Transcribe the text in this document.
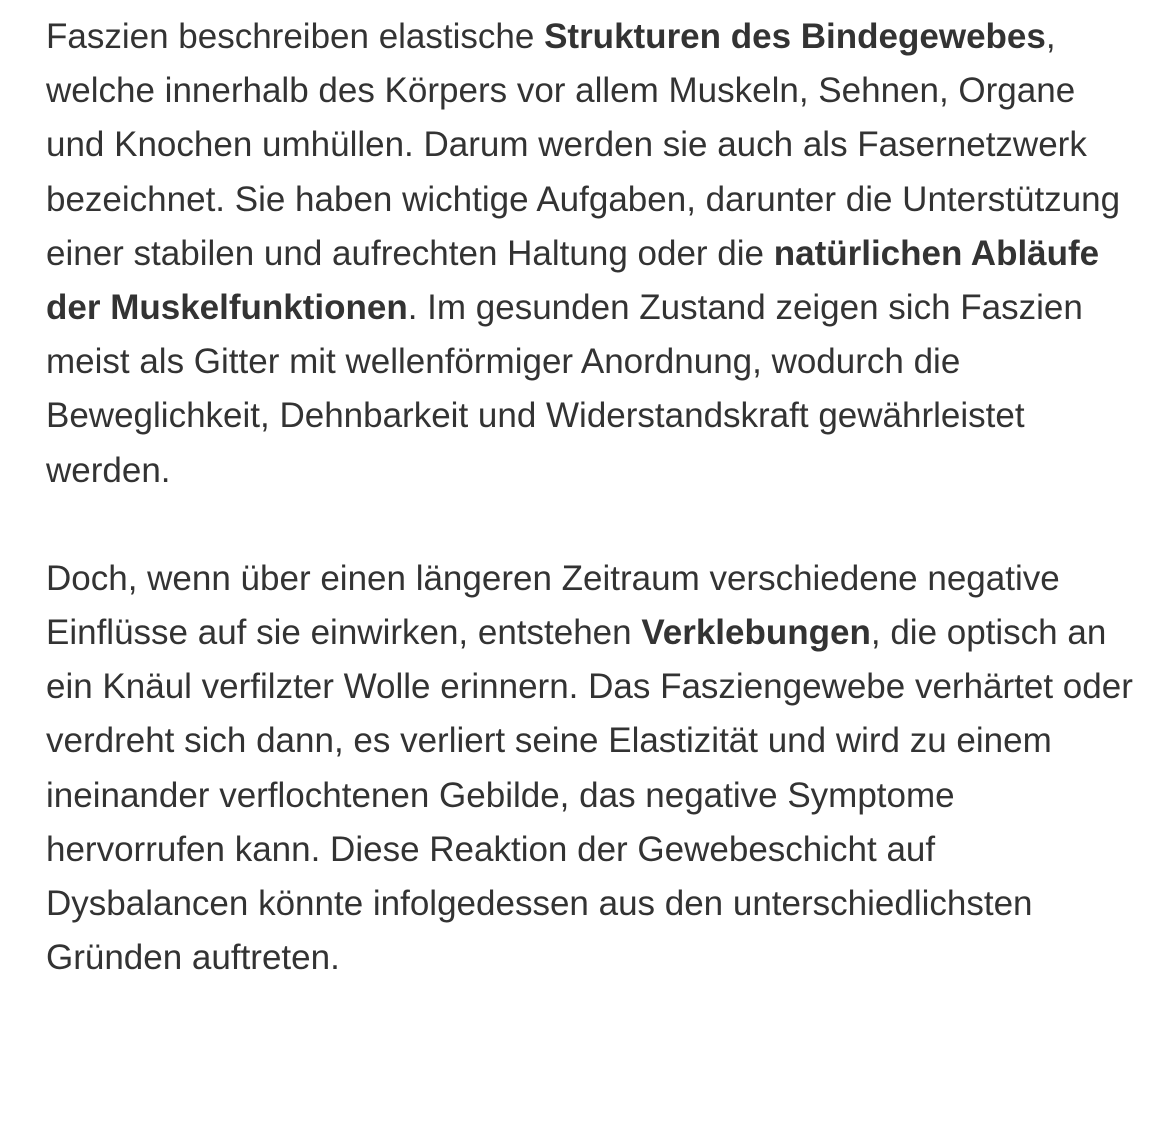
Faszien beschreiben elastische Strukturen des Bindegewebes, welche innerhalb des Körpers vor allem Muskeln, Sehnen, Organe und Knochen umhüllen. Darum werden sie auch als Fasernetzwerk bezeichnet. Sie haben wichtige Aufgaben, darunter die Unterstützung einer stabilen und aufrechten Haltung oder die natürlichen Abläufe der Muskelfunktionen. Im gesunden Zustand zeigen sich Faszien meist als Gitter mit wellenförmiger Anordnung, wodurch die Beweglichkeit, Dehnbarkeit und Widerstandskraft gewährleistet werden.

Doch, wenn über einen längeren Zeitraum verschiedene negative Einflüsse auf sie einwirken, entstehen Verklebungen, die optisch an ein Knäul verfilzter Wolle erinnern. Das Fasziengewebe verhärtet oder verdreht sich dann, es verliert seine Elastizität und wird zu einem ineinander verflochtenen Gebilde, das negative Symptome hervorrufen kann. Diese Reaktion der Gewebeschicht auf Dysbalancen könnte infolgedessen aus den unterschiedlichsten Gründen auftreten.
